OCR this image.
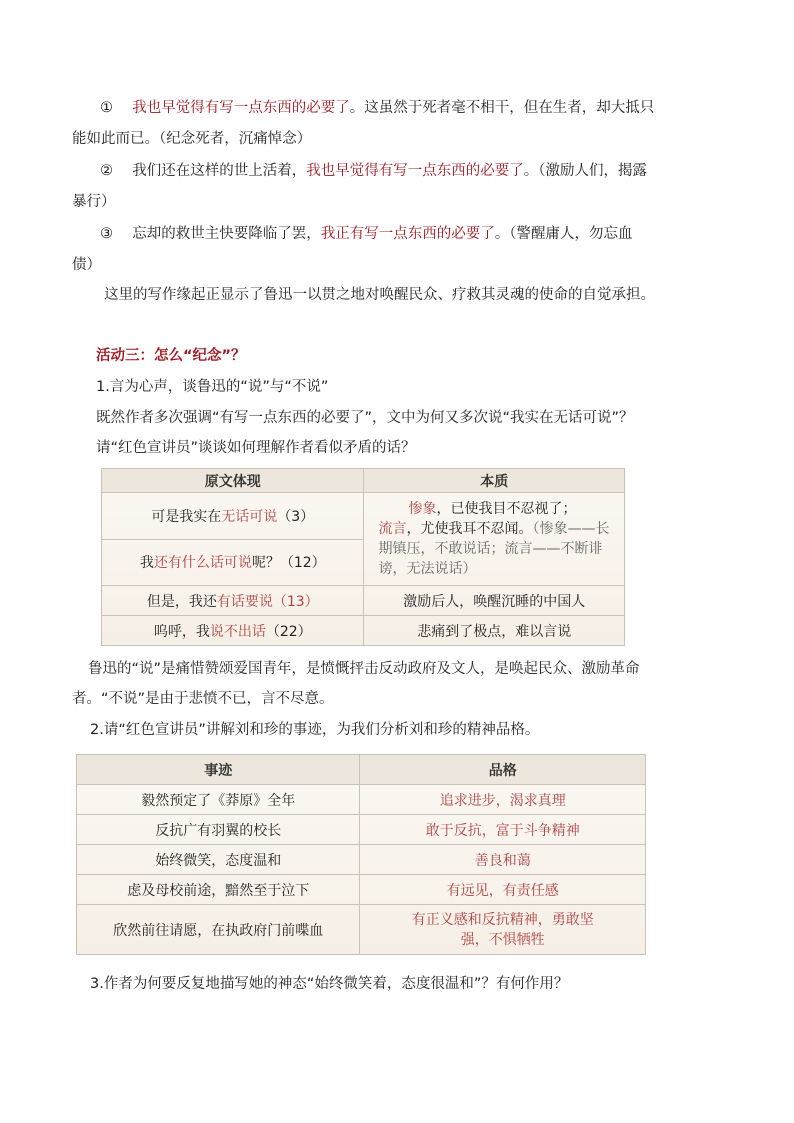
① 我也早觉得有写一点东西的必要了。这虽然于死者毫不相干，但在生者，却大抵只
能如此而已。（纪念死者，沉痛悼念）
② 我们还在这样的世上活着，我也早觉得有写一点东西的必要了。（激励人们，揭露
暴行）
③ 忘却的救世主快要降临了罢，我正有写一点东西的必要了。（警醒庸人，勿忘血
债）
这里的写作缘起正显示了鲁迅一以贯之地对唤醒民众、疗救其灵魂的使命的自觉承担。
活动三：怎么“纪念”？
1.言为心声，谈鲁迅的“说”与“不说”
既然作者多次强调“有写一点东西的必要了”，文中为何又多次说“我实在无话可说”？
请“红色宣讲员”谈谈如何理解作者看似矛盾的话？
原文体现	本质
可是我实在无话可说（3）	惨象，已使我目不忍视了；
流言，尤使我耳不忍闻。（惨象——长期镇压，不敢说话；流言——不断诽谤，无法说话）
我还有什么话可说呢？（12）	
但是，我还有话要说（13）	激励后人，唤醒沉睡的中国人
呜呼，我说不出话（22）	悲痛到了极点，难以言说
鲁迅的“说”是痛惜赞颂爱国青年，是愤慨抨击反动政府及文人，是唤起民众、激励革命
者。“不说”是由于悲愤不已，言不尽意。
2.请“红色宣讲员”讲解刘和珍的事迹，为我们分析刘和珍的精神品格。
事迹	品格
毅然预定了《莽原》全年	追求进步，渴求真理
反抗广有羽翼的校长	敢于反抗，富于斗争精神
始终微笑，态度温和	善良和蔼
虑及母校前途，黯然至于泣下	有远见，有责任感
欣然前往请愿，在执政府门前喋血	有正义感和反抗精神，勇敢坚强，不惧牺牲
3.作者为何要反复地描写她的神态“始终微笑着，态度很温和”？有何作用？
